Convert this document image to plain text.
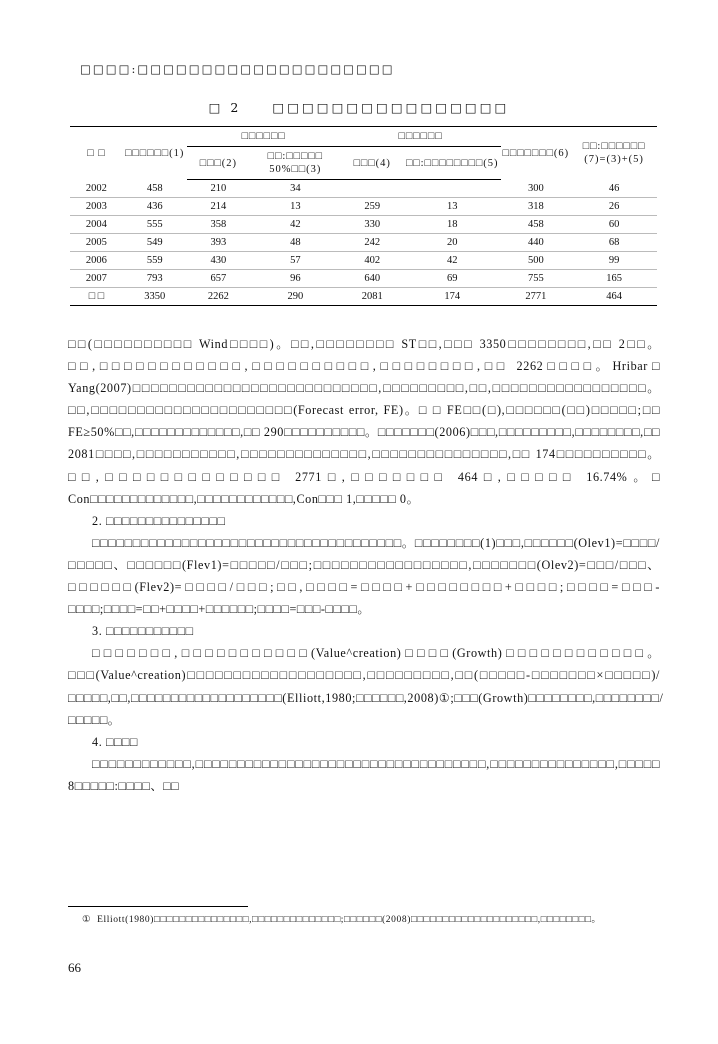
□□□□:□□□□□□□□□□□□□□□□□□□□
□ 2　　□□□□□□□□□□□□□□□□
□ □	□□□□□□(1)	□□□□□□		□□□□□□		□□□□□□□(6)	□□:□□□□□□ (7)=(3)+(5)
		□□□(2)	□□:□□□□□ 50%□□(3)	□□□(4)	□□:□□□□□□□□(5)		
2002	458	210	34			300	46
2003	436	214	13	259	13	318	26
2004	555	358	42	330	18	458	60
2005	549	393	48	242	20	440	68
2006	559	430	57	402	42	500	99
2007	793	657	96	640	69	755	165
□ □	3350	2262	290	2081	174	2771	464

□□(□□□□□□□□□□ Wind□□□□)。□□,□□□□□□□□ ST□□,□□□ 3350□□□□□□□□,□□ 2□□。□□,□□□□□□□□□□□□,□□□□□□□□□□,□□□□□□□□,□□ 2262□□□□。Hribar□ Yang(2007)□□□□□□□□□□□□□□□□□□□□□□□□□□□,□□□□□□□□□,□□,□□□□□□□□□□□□□□□□□。□□,□□□□□□□□□□□□□□□□□□□□□□(Forecast error, FE)。□ □ FE□□(□),□□□□□□(□□)□□□□□;□□ FE≥50%□□,□□□□□□□□□□□□□,□□ 290□□□□□□□□□□。□□□□□□□(2006)□□□,□□□□□□□□□,□□□□□□□□,□□ 2081□□□□,□□□□□□□□□□□,□□□□□□□□□□□□□□,□□□□□□□□□□□□□□□,□□ 174□□□□□□□□□□。□□,□□□□□□□□□□□□□ 2771□,□□□□□□□ 464□,□□□□□ 16.74%。□ Con□□□□□□□□□□□□□,□□□□□□□□□□□□,Con□□□ 1,□□□□□ 0。

2. □□□□□□□□□□□□□□□

□□□□□□□□□□□□□□□□□□□□□□□□□□□□□□□□□□□□□□。□□□□□□□□(1)□□□,□□□□□□(Olev1)=□□□□/□□□□□、□□□□□□(Flev1)=□□□□□/□□□;□□□□□□□□□□□□□□□□□,□□□□□□□(Olev2)=□□□/□□□、□□□□□□(Flev2)=□□□□/□□□;□□,□□□□=□□□□+□□□□□□□□+□□□□;□□□□=□□□-□□□□;□□□□=□□+□□□□+□□□□□□;□□□□=□□□-□□□□。

3. □□□□□□□□□□□

□□□□□□□,□□□□□□□□□□□(Value^creation)□□□□(Growth)□□□□□□□□□□□□。□□□(Value^creation)□□□□□□□□□□□□□□□□□□□,□□□□□□□□□,□□(□□□□□-□□□□□□□×□□□□□)/□□□□□,□□,□□□□□□□□□□□□□□□□□□□(Elliott,1980;□□□□□□,2008)①;□□□(Growth)□□□□□□□□,□□□□□□□□/□□□□□。

4. □□□□

□□□□□□□□□□□□,□□□□□□□□□□□□□□□□□□□□□□□□□□□□□□□□□□□,□□□□□□□□□□□□□□□,□□□□□ 8□□□□□:□□□□、□□

① Elliott(1980)□□□□□□□□□□□□□□□,□□□□□□□□□□□□□□;□□□□□□(2008)□□□□□□□□□□□□□□□□□□□□,□□□□□□□□。
66
